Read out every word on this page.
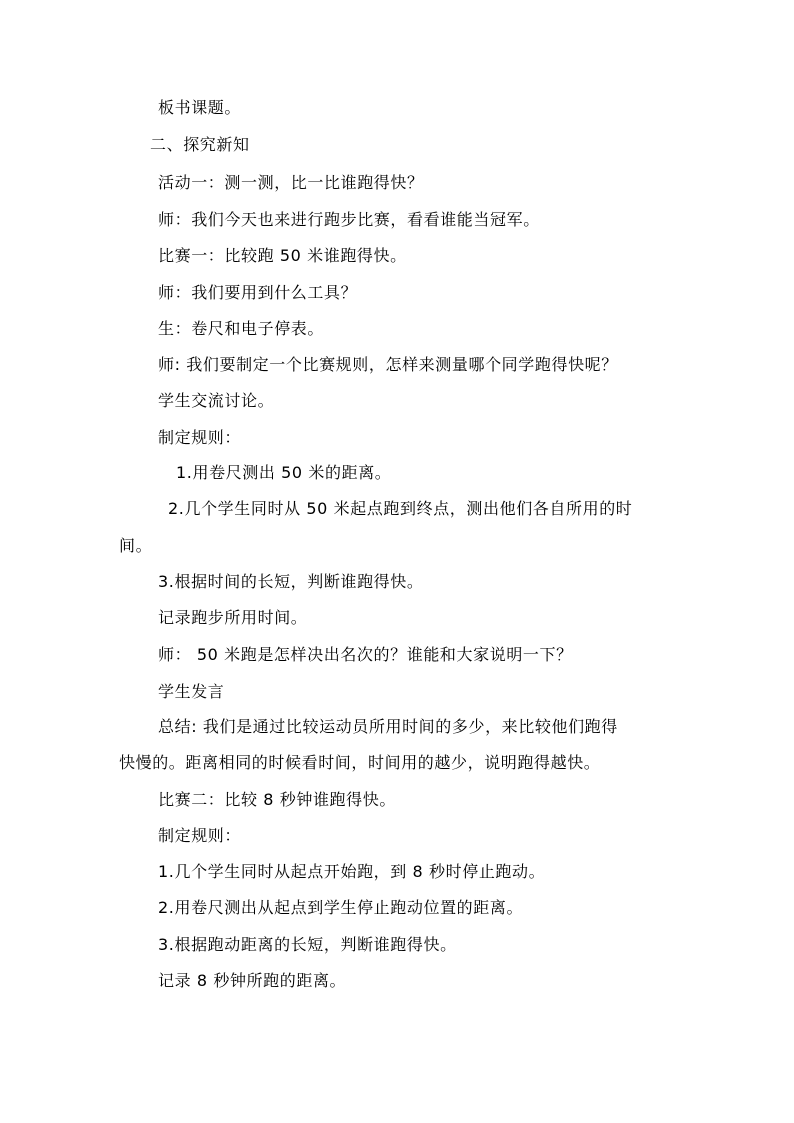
板书课题。
二、探究新知
活动一：测一测，比一比谁跑得快？
师：我们今天也来进行跑步比赛，看看谁能当冠军。
比赛一：比较跑 50 米谁跑得快。
师：我们要用到什么工具？
生：卷尺和电子停表。
师: 我们要制定一个比赛规则，怎样来测量哪个同学跑得快呢？
学生交流讨论。
制定规则：
1.用卷尺测出 50 米的距离。
2.几个学生同时从 50 米起点跑到终点，测出他们各自所用的时
间。
3.根据时间的长短，判断谁跑得快。
记录跑步所用时间。
师： 50 米跑是怎样决出名次的？谁能和大家说明一下？
学生发言
总结: 我们是通过比较运动员所用时间的多少，来比较他们跑得
快慢的。距离相同的时候看时间，时间用的越少，说明跑得越快。
比赛二：比较 8 秒钟谁跑得快。
制定规则：
1.几个学生同时从起点开始跑，到 8 秒时停止跑动。
2.用卷尺测出从起点到学生停止跑动位置的距离。
3.根据跑动距离的长短，判断谁跑得快。
记录 8 秒钟所跑的距离。
